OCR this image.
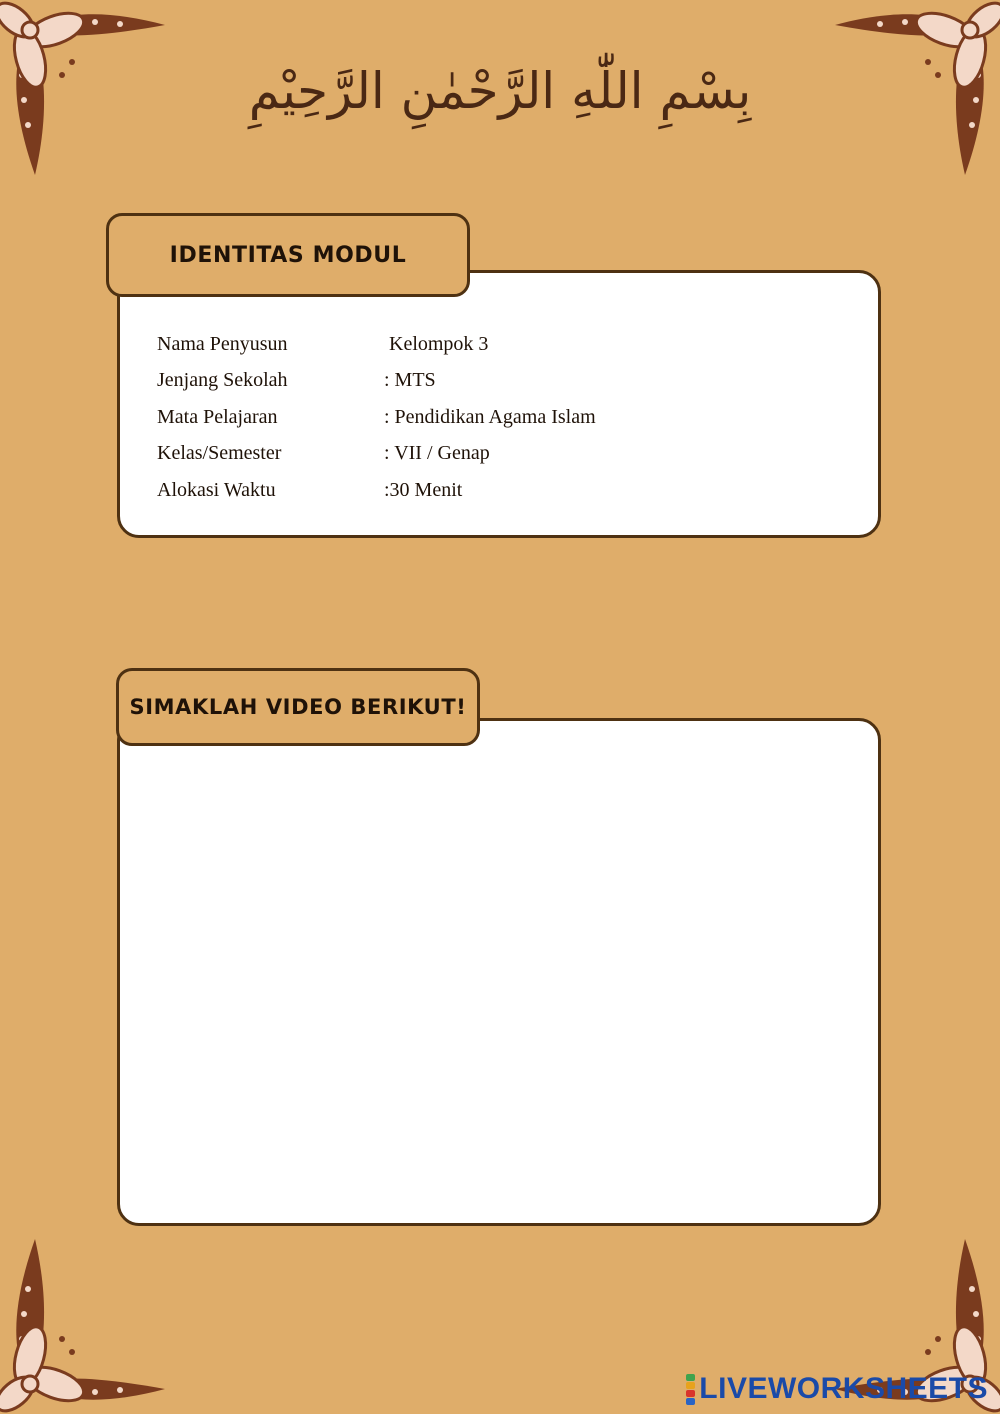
بِسْمِ اللّٰهِ الرَّحْمٰنِ الرَّحِيْمِ
IDENTITAS MODUL
Nama Penyusun	Kelompok 3
Jenjang Sekolah	: MTS
Mata Pelajaran	: Pendidikan Agama Islam
Kelas/Semester	: VII / Genap
Alokasi Waktu	:30 Menit
SIMAKLAH VIDEO BERIKUT!
LIVEWORKSHEETS
